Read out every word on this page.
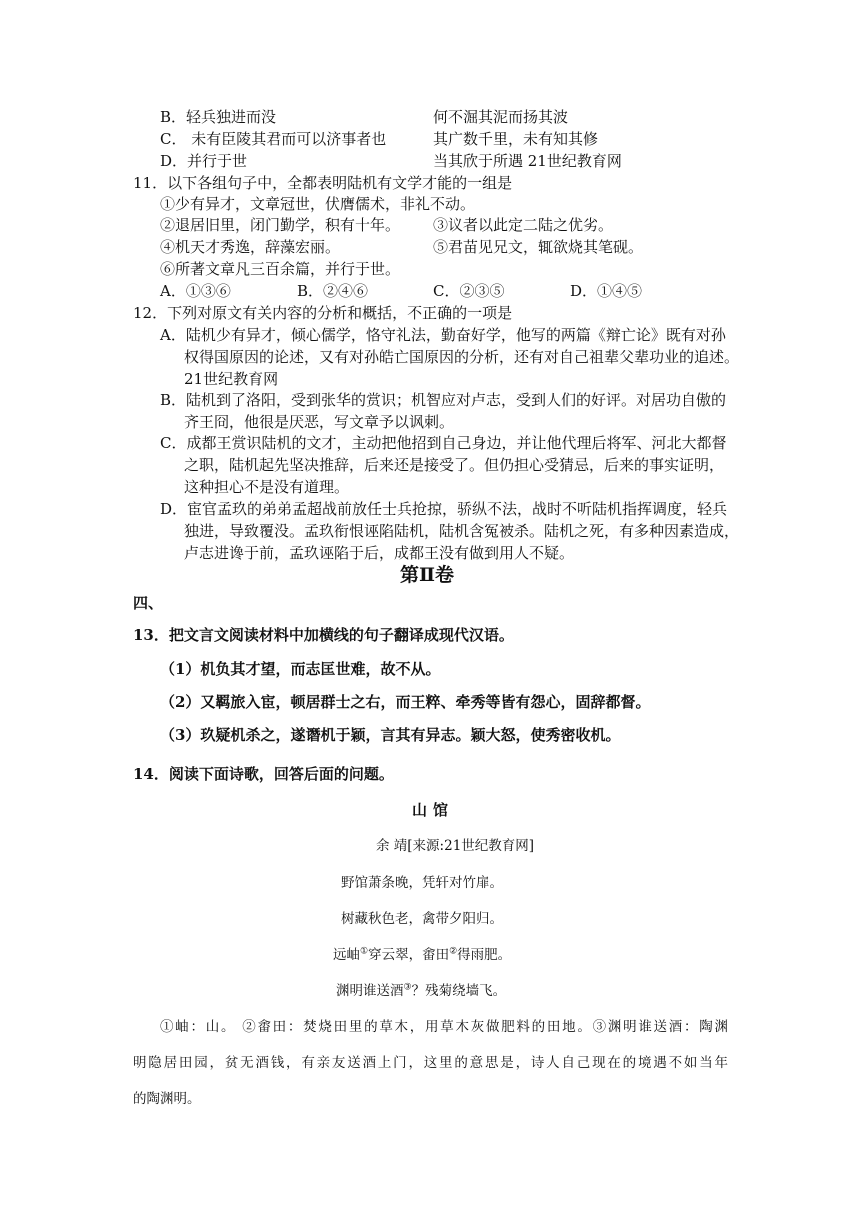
B．轻兵独进而没	何不淈其泥而扬其波
C． 未有臣陵其君而可以济事者也	其广数千里，未有知其修
D．并行于世	当其欣于所遇 21世纪教育网
11．以下各组句子中，全都表明陆机有文学才能的一组是
①少有异才，文章冠世，伏膺儒术，非礼不动。
②退居旧里，闭门勤学，积有十年。 ③议者以此定二陆之优劣。
④机天才秀逸，辞藻宏丽。	⑤君苗见兄文，辄欲烧其笔砚。
⑥所著文章凡三百余篇，并行于世。
A．①③⑥	B．②④⑥	C．②③⑤	D．①④⑤
12．下列对原文有关内容的分析和概括，不正确的一项是
A．陆机少有异才，倾心儒学，恪守礼法，勤奋好学，他写的两篇《辩亡论》既有对孙
权得国原因的论述，又有对孙皓亡国原因的分析，还有对自己祖辈父辈功业的追述。
21世纪教育网
B．陆机到了洛阳，受到张华的赏识；机智应对卢志，受到人们的好评。对居功自傲的
齐王冏，他很是厌恶，写文章予以讽刺。
C．成都王赏识陆机的文才，主动把他招到自己身边，并让他代理后将军、河北大都督
之职，陆机起先坚决推辞，后来还是接受了。但仍担心受猜忌，后来的事实证明，
这种担心不是没有道理。
D．宦官孟玖的弟弟孟超战前放任士兵抢掠，骄纵不法，战时不听陆机指挥调度，轻兵
独进，导致覆没。孟玖衔恨诬陷陆机，陆机含冤被杀。陆机之死，有多种因素造成，
卢志进谗于前，孟玖诬陷于后，成都王没有做到用人不疑。
第Ⅱ卷
四、
13．把文言文阅读材料中加横线的句子翻译成现代汉语。
（1）机负其才望，而志匡世难，故不从。
（2）又羁旅入宦，顿居群士之右，而王粹、牵秀等皆有怨心，固辞都督。
（3）玖疑机杀之，遂谮机于颖，言其有异志。颖大怒，使秀密收机。
14．阅读下面诗歌，回答后面的问题。
山馆
余 靖[来源:21世纪教育网]
野馆萧条晚，凭轩对竹扉。
树藏秋色老，禽带夕阳归。
远岫①穿云翠，畬田②得雨肥。
渊明谁送酒③？残菊绕墙飞。
①岫：山。 ②畬田：焚烧田里的草木，用草木灰做肥料的田地。③渊明谁送酒：陶渊
明隐居田园，贫无酒钱，有亲友送酒上门，这里的意思是，诗人自己现在的境遇不如当年
的陶渊明。
